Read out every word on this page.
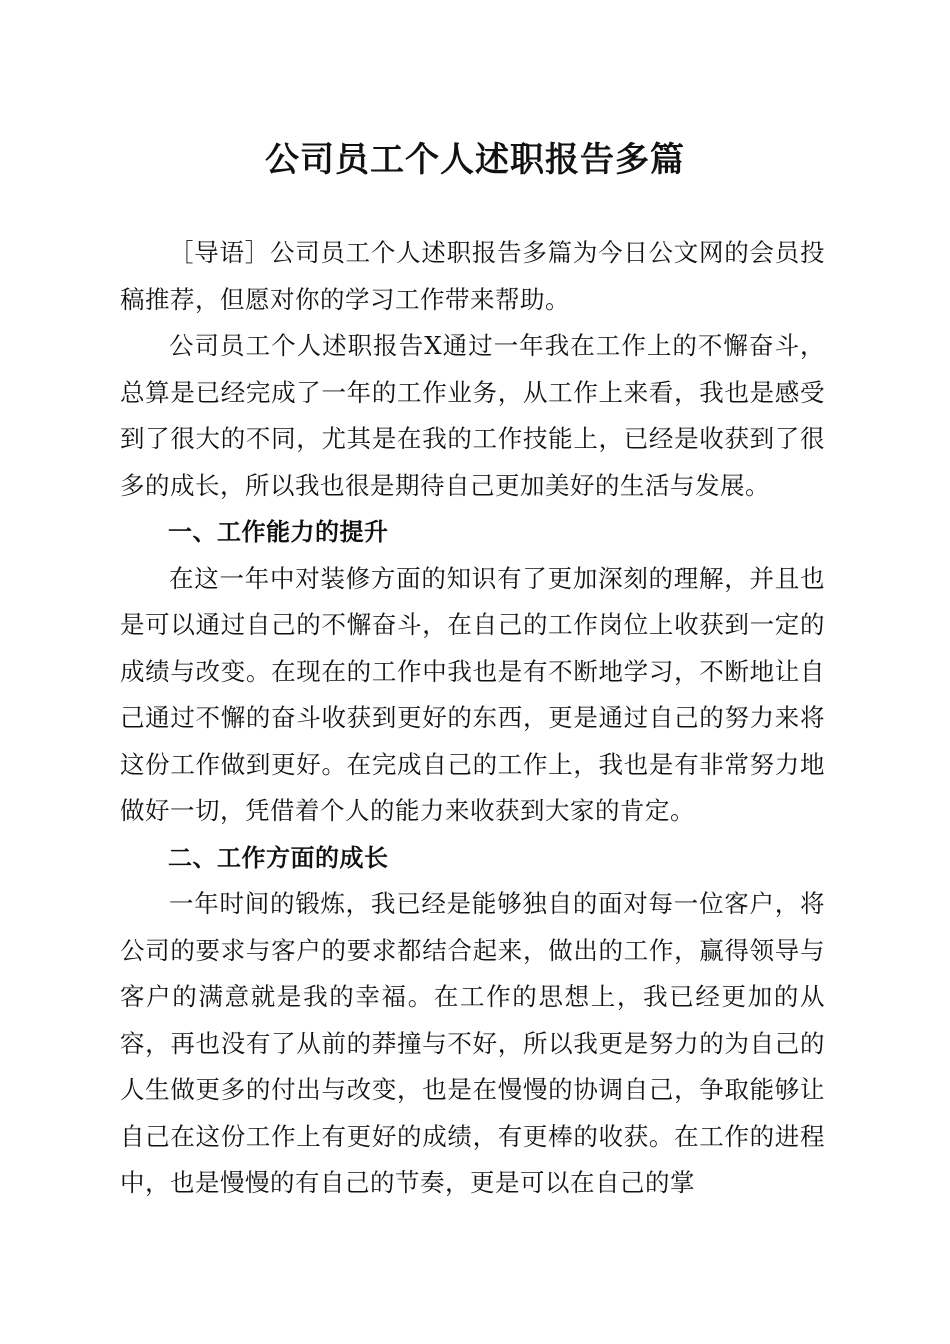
公司员工个人述职报告多篇

［导语］公司员工个人述职报告多篇为今日公文网的会员投稿推荐，但愿对你的学习工作带来帮助。

公司员工个人述职报告X通过一年我在工作上的不懈奋斗，总算是已经完成了一年的工作业务，从工作上来看，我也是感受到了很大的不同，尤其是在我的工作技能上，已经是收获到了很多的成长，所以我也很是期待自己更加美好的生活与发展。

一、工作能力的提升

在这一年中对装修方面的知识有了更加深刻的理解，并且也是可以通过自己的不懈奋斗，在自己的工作岗位上收获到一定的成绩与改变。在现在的工作中我也是有不断地学习，不断地让自己通过不懈的奋斗收获到更好的东西，更是通过自己的努力来将这份工作做到更好。在完成自己的工作上，我也是有非常努力地做好一切，凭借着个人的能力来收获到大家的肯定。

二、工作方面的成长

一年时间的锻炼，我已经是能够独自的面对每一位客户，将公司的要求与客户的要求都结合起来，做出的工作，赢得领导与客户的满意就是我的幸福。在工作的思想上，我已经更加的从容，再也没有了从前的莽撞与不好，所以我更是努力的为自己的人生做更多的付出与改变，也是在慢慢的协调自己，争取能够让自己在这份工作上有更好的成绩，有更棒的收获。在工作的进程中，也是慢慢的有自己的节奏，更是可以在自己的掌
